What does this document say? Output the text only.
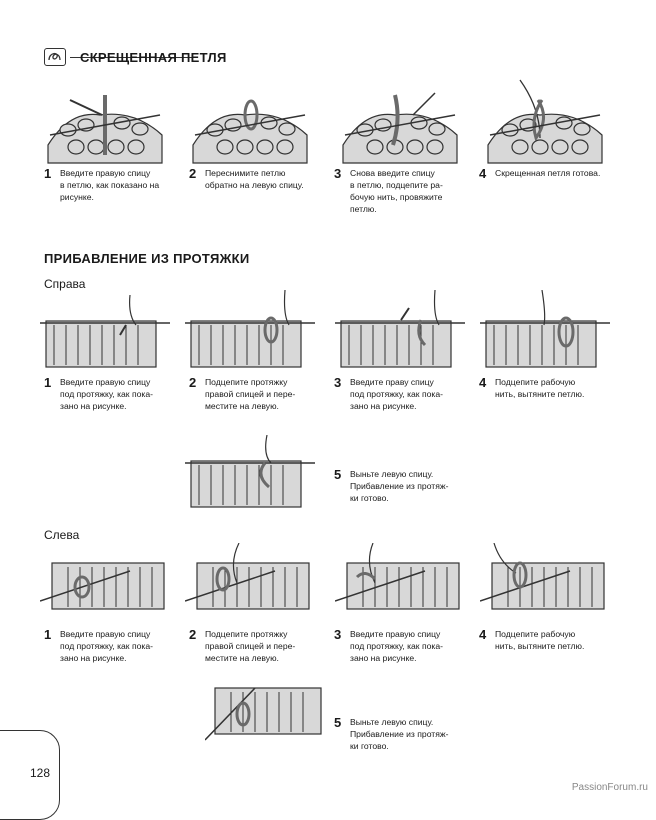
СКРЕЩЕННАЯ ПЕТЛЯ
1 Введите правую спицу
в петлю, как показано на
рисунке.
2 Переснимите петлю
обратно на левую спицу.
3 Снова введите спицу
в петлю, подцепите ра-
бочую нить, провяжите
петлю.
4 Скрещенная петля готова.
ПРИБАВЛЕНИЕ ИЗ ПРОТЯЖКИ
Справа
1 Введите правую спицу
под протяжку, как пока-
зано на рисунке.
2 Подцепите протяжку
правой спицей и пере-
местите на левую.
3 Введите праву спицу
под протяжку, как пока-
зано на рисунке.
4 Подцепите рабочую
нить, вытяните петлю.
5 Выньте левую спицу.
Прибавление из протяж-
ки готово.
Слева
1 Введите правую спицу
под протяжку, как пока-
зано на рисунке.
2 Подцепите протяжку
правой спицей и пере-
местите на левую.
3 Введите правую спицу
под протяжку, как пока-
зано на рисунке.
4 Подцепите рабочую
нить, вытяните петлю.
5 Выньте левую спицу.
Прибавление из протяж-
ки готово.
128
PassionForum.ru
